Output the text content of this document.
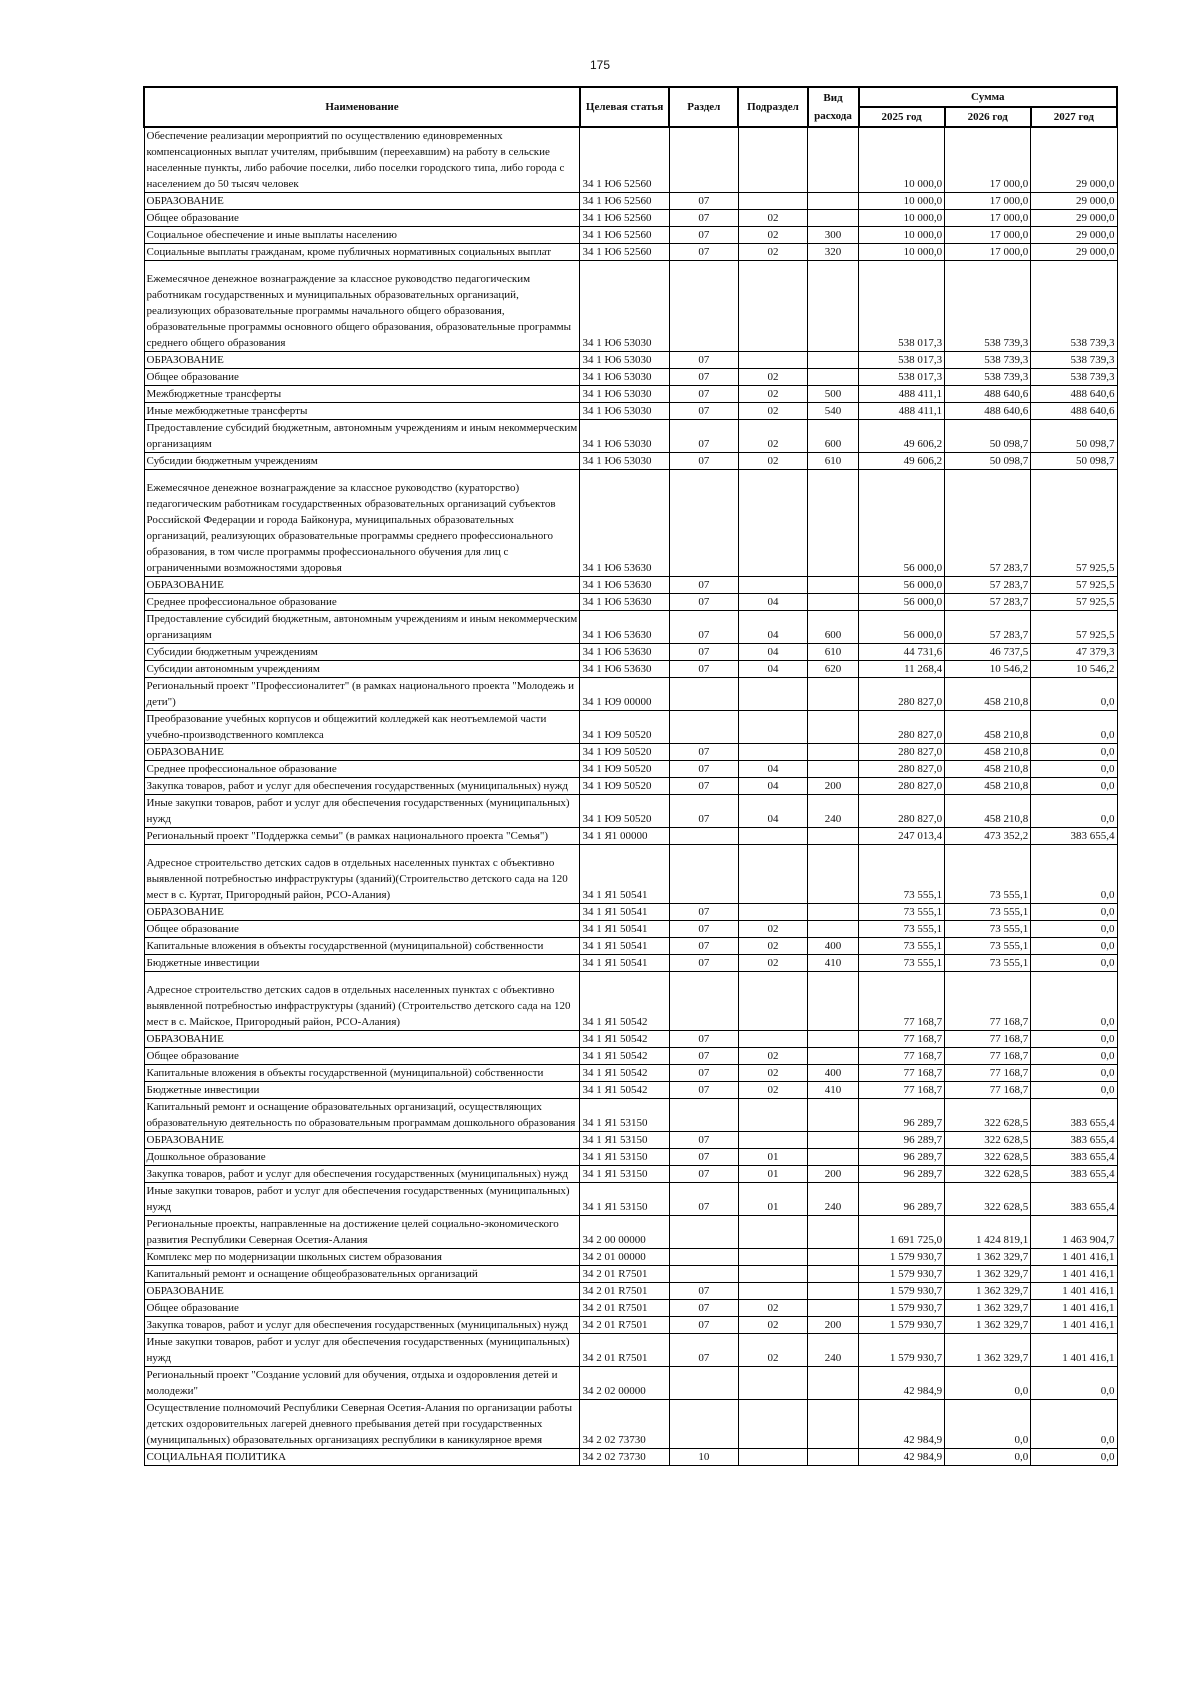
175
Наименование	Целевая статья	Раздел	Подраздел	Вид расхода	Сумма		
					2025 год	2026 год	2027 год
Обеспечение реализации мероприятий по осуществлению единовременных компенсационных выплат учителям, прибывшим (переехавшим) на работу в сельские населенные пункты, либо рабочие поселки, либо поселки городского типа, либо города с населением до 50 тысяч человек	34 1 Ю6 52560				10 000,0	17 000,0	29 000,0
ОБРАЗОВАНИЕ	34 1 Ю6 52560	07			10 000,0	17 000,0	29 000,0
Общее образование	34 1 Ю6 52560	07	02		10 000,0	17 000,0	29 000,0
Социальное обеспечение и иные выплаты населению	34 1 Ю6 52560	07	02	300	10 000,0	17 000,0	29 000,0
Социальные выплаты гражданам, кроме публичных нормативных социальных выплат	34 1 Ю6 52560	07	02	320	10 000,0	17 000,0	29 000,0

Ежемесячное денежное вознаграждение за классное руководство педагогическим работникам государственных и муниципальных образовательных организаций, реализующих образовательные программы начального общего образования, образовательные программы основного общего образования, образовательные программы среднего общего образования	34 1 Ю6 53030				538 017,3	538 739,3	538 739,3
ОБРАЗОВАНИЕ	34 1 Ю6 53030	07			538 017,3	538 739,3	538 739,3
Общее образование	34 1 Ю6 53030	07	02		538 017,3	538 739,3	538 739,3
Межбюджетные трансферты	34 1 Ю6 53030	07	02	500	488 411,1	488 640,6	488 640,6
Иные межбюджетные трансферты	34 1 Ю6 53030	07	02	540	488 411,1	488 640,6	488 640,6
Предоставление субсидий бюджетным, автономным учреждениям и иным некоммерческим организациям	34 1 Ю6 53030	07	02	600	49 606,2	50 098,7	50 098,7
Субсидии бюджетным учреждениям	34 1 Ю6 53030	07	02	610	49 606,2	50 098,7	50 098,7

Ежемесячное денежное вознаграждение за классное руководство (кураторство) педагогическим работникам государственных образовательных организаций субъектов Российской Федерации и города Байконура, муниципальных образовательных организаций, реализующих образовательные программы среднего профессионального образования, в том числе программы профессионального обучения для лиц с ограниченными возможностями здоровья	34 1 Ю6 53630				56 000,0	57 283,7	57 925,5
ОБРАЗОВАНИЕ	34 1 Ю6 53630	07			56 000,0	57 283,7	57 925,5
Среднее профессиональное образование	34 1 Ю6 53630	07	04		56 000,0	57 283,7	57 925,5
Предоставление субсидий бюджетным, автономным учреждениям и иным некоммерческим организациям	34 1 Ю6 53630	07	04	600	56 000,0	57 283,7	57 925,5
Субсидии бюджетным учреждениям	34 1 Ю6 53630	07	04	610	44 731,6	46 737,5	47 379,3
Субсидии автономным учреждениям	34 1 Ю6 53630	07	04	620	11 268,4	10 546,2	10 546,2
Региональный проект "Профессионалитет" (в рамках национального проекта "Молодежь и дети")	34 1 Ю9 00000				280 827,0	458 210,8	0,0
Преобразование учебных корпусов и общежитий колледжей как неотъемлемой части учебно-производственного комплекса	34 1 Ю9 50520				280 827,0	458 210,8	0,0
ОБРАЗОВАНИЕ	34 1 Ю9 50520	07			280 827,0	458 210,8	0,0
Среднее профессиональное образование	34 1 Ю9 50520	07	04		280 827,0	458 210,8	0,0
Закупка товаров, работ и услуг для обеспечения государственных (муниципальных) нужд	34 1 Ю9 50520	07	04	200	280 827,0	458 210,8	0,0
Иные закупки товаров, работ и услуг для обеспечения государственных (муниципальных) нужд	34 1 Ю9 50520	07	04	240	280 827,0	458 210,8	0,0
Региональный проект "Поддержка семьи" (в рамках национального проекта "Семья")	34 1 Я1 00000				247 013,4	473 352,2	383 655,4

Адресное строительство детских садов в отдельных населенных пунктах с объективно выявленной потребностью инфраструктуры (зданий)(Строительство детского сада на 120 мест в с. Куртат, Пригородный район, РСО-Алания)	34 1 Я1 50541				73 555,1	73 555,1	0,0
ОБРАЗОВАНИЕ	34 1 Я1 50541	07			73 555,1	73 555,1	0,0
Общее образование	34 1 Я1 50541	07	02		73 555,1	73 555,1	0,0
Капитальные вложения в объекты государственной (муниципальной) собственности	34 1 Я1 50541	07	02	400	73 555,1	73 555,1	0,0
Бюджетные инвестиции	34 1 Я1 50541	07	02	410	73 555,1	73 555,1	0,0

Адресное строительство детских садов в отдельных населенных пунктах с объективно выявленной потребностью инфраструктуры (зданий) (Строительство детского сада на 120 мест в с. Майское, Пригородный район, РСО-Алания)	34 1 Я1 50542				77 168,7	77 168,7	0,0
ОБРАЗОВАНИЕ	34 1 Я1 50542	07			77 168,7	77 168,7	0,0
Общее образование	34 1 Я1 50542	07	02		77 168,7	77 168,7	0,0
Капитальные вложения в объекты государственной (муниципальной) собственности	34 1 Я1 50542	07	02	400	77 168,7	77 168,7	0,0
Бюджетные инвестиции	34 1 Я1 50542	07	02	410	77 168,7	77 168,7	0,0
Капитальный ремонт и оснащение образовательных организаций, осуществляющих образовательную деятельность по образовательным программам дошкольного образования	34 1 Я1 53150				96 289,7	322 628,5	383 655,4
ОБРАЗОВАНИЕ	34 1 Я1 53150	07			96 289,7	322 628,5	383 655,4
Дошкольное образование	34 1 Я1 53150	07	01		96 289,7	322 628,5	383 655,4
Закупка товаров, работ и услуг для обеспечения государственных (муниципальных) нужд	34 1 Я1 53150	07	01	200	96 289,7	322 628,5	383 655,4
Иные закупки товаров, работ и услуг для обеспечения государственных (муниципальных) нужд	34 1 Я1 53150	07	01	240	96 289,7	322 628,5	383 655,4
Региональные проекты, направленные на достижение целей социально-экономического развития Республики Северная Осетия-Алания	34 2 00 00000				1 691 725,0	1 424 819,1	1 463 904,7
Комплекс мер по модернизации школьных систем образования	34 2 01 00000				1 579 930,7	1 362 329,7	1 401 416,1
Капитальный ремонт и оснащение общеобразовательных организаций	34 2 01 R7501				1 579 930,7	1 362 329,7	1 401 416,1
ОБРАЗОВАНИЕ	34 2 01 R7501	07			1 579 930,7	1 362 329,7	1 401 416,1
Общее образование	34 2 01 R7501	07	02		1 579 930,7	1 362 329,7	1 401 416,1
Закупка товаров, работ и услуг для обеспечения государственных (муниципальных) нужд	34 2 01 R7501	07	02	200	1 579 930,7	1 362 329,7	1 401 416,1
Иные закупки товаров, работ и услуг для обеспечения государственных (муниципальных) нужд	34 2 01 R7501	07	02	240	1 579 930,7	1 362 329,7	1 401 416,1
Региональный проект "Создание условий для обучения, отдыха и оздоровления детей и молодежи"	34 2 02 00000				42 984,9	0,0	0,0
Осуществление полномочий Республики Северная Осетия-Алания по организации работы детских оздоровительных лагерей дневного пребывания детей при государственных (муниципальных) образовательных организациях республики в каникулярное время	34 2 02 73730				42 984,9	0,0	0,0
СОЦИАЛЬНАЯ ПОЛИТИКА	34 2 02 73730	10			42 984,9	0,0	0,0
